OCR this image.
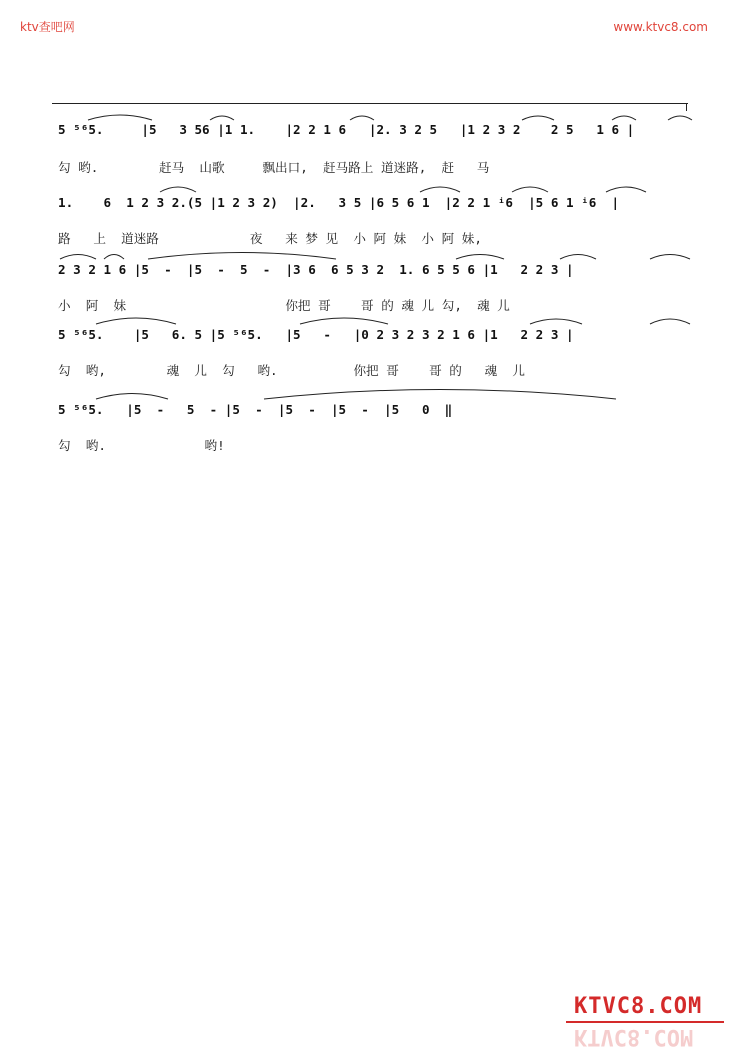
ktv查吧网	www.ktvc8.com
5 ⁵⁶5.     |5   3 56 |1 1.    |2 2 1 6   |2. 3 2 5   |1 2 3 2    2 5   1 6 |
勾 哟.        赶马  山歌     飘出口,  赶马路上 道迷路,  赶   马
1.    6  1 2 3 2.(5 |1 2 3 2)  |2.   3 5 |6 5 6 1  |2 2 1 ⁱ6  |5 6 1 ⁱ6  |
路   上  道迷路            夜   来 梦 见  小 阿 妹  小 阿 妹,
2 3 2 1 6 |5  -  |5  -  5  -  |3 6  6 5 3 2  1. 6 5 5 6 |1   2 2 3 |
小  阿  妹                     你把 哥    哥 的 魂 儿 勾,  魂 儿
5 ⁵⁶5.    |5   6. 5 |5 ⁵⁶5.   |5   -   |0 2 3 2 3 2 1 6 |1   2 2 3 |
勾  哟,        魂  儿  勾   哟.          你把 哥    哥 的   魂  儿
5 ⁵⁶5.   |5  -   5  - |5  -  |5  -  |5  -  |5   0  ‖
勾  哟.             哟!
KTVC8.COM
KTVC8.COM
